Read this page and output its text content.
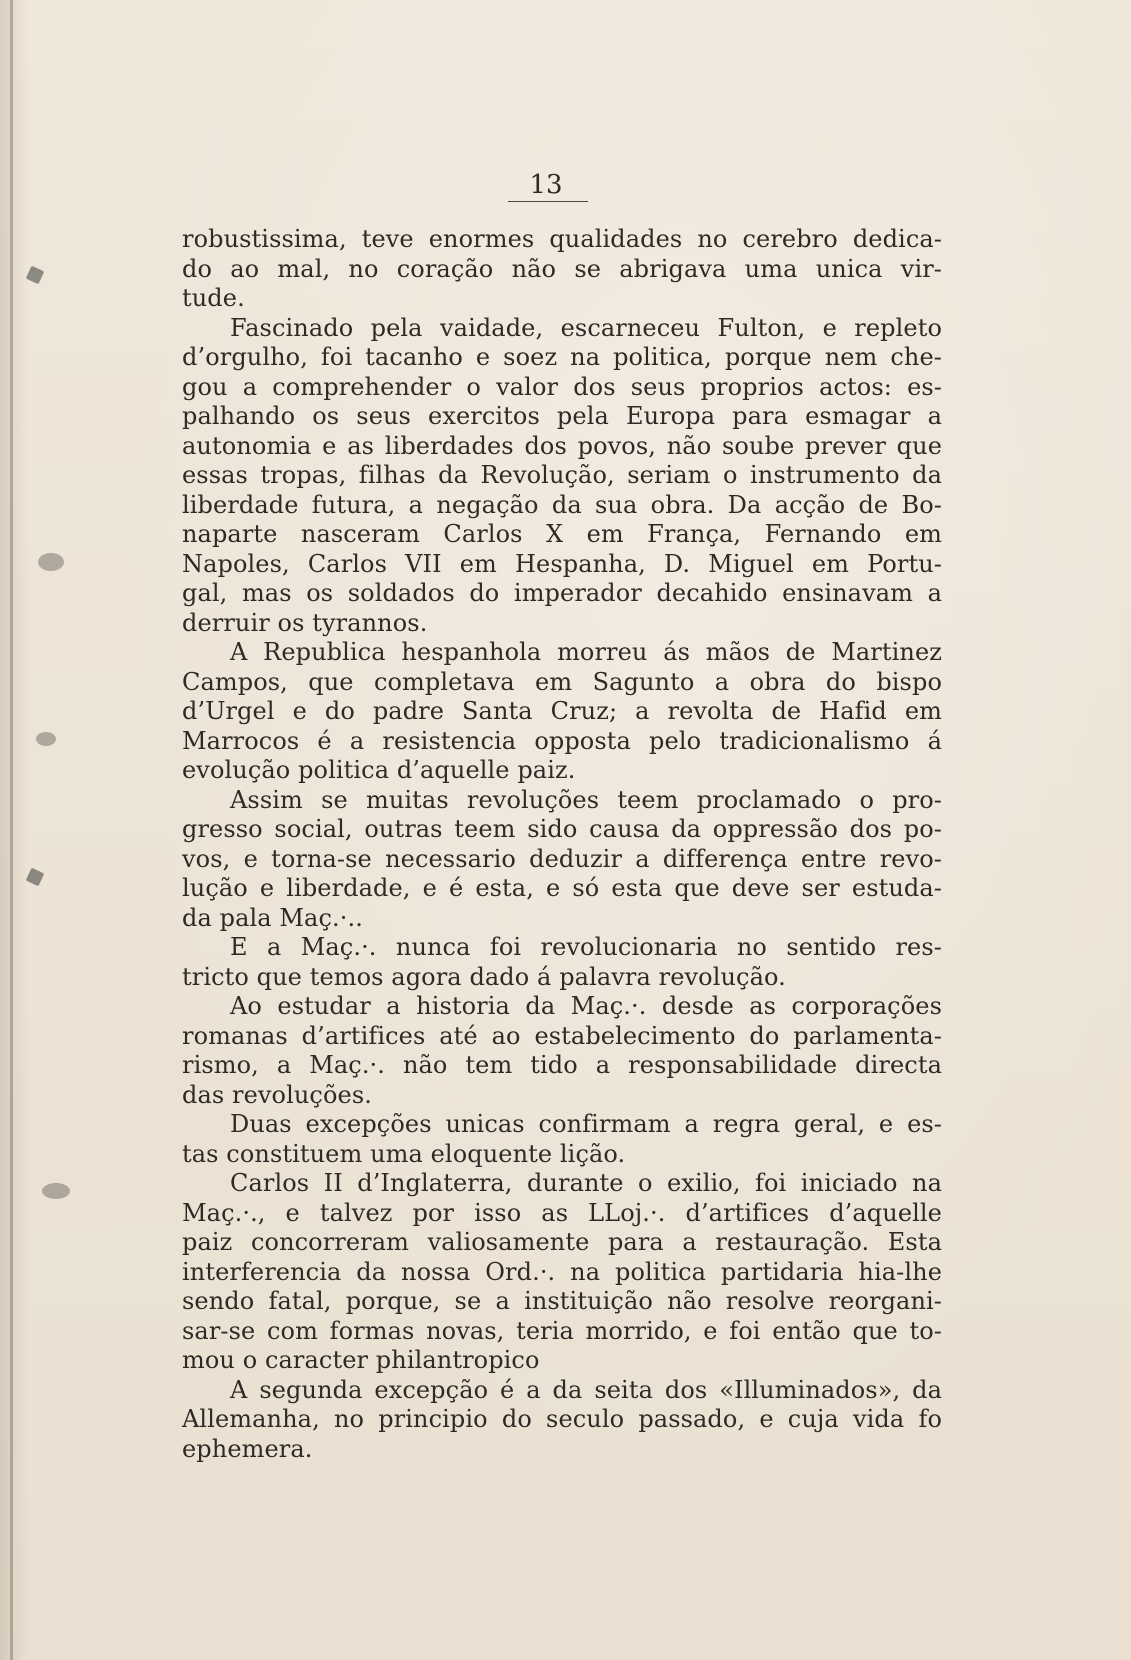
13
robustissima, teve enormes qualidades no cerebro dedica-
do ao mal, no coração não se abrigava uma unica vir-
tude.
Fascinado pela vaidade, escarneceu Fulton, e repleto
d’orgulho, foi tacanho e soez na politica, porque nem che-
gou a comprehender o valor dos seus proprios actos: es-
palhando os seus exercitos pela Europa para esmagar a
autonomia e as liberdades dos povos, não soube prever que
essas tropas, filhas da Revolução, seriam o instrumento da
liberdade futura, a negação da sua obra. Da acção de Bo-
naparte nasceram Carlos X em França, Fernando em
Napoles, Carlos VII em Hespanha, D. Miguel em Portu-
gal, mas os soldados do imperador decahido ensinavam a
derruir os tyrannos.
A Republica hespanhola morreu ás mãos de Martinez
Campos, que completava em Sagunto a obra do bispo
d’Urgel e do padre Santa Cruz; a revolta de Hafid em
Marrocos é a resistencia opposta pelo tradicionalismo á
evolução politica d’aquelle paiz.
Assim se muitas revoluções teem proclamado o pro-
gresso social, outras teem sido causa da oppressão dos po-
vos, e torna-se necessario deduzir a differença entre revo-
lução e liberdade, e é esta, e só esta que deve ser estuda-
da pala Maç.·..
E a Maç.·. nunca foi revolucionaria no sentido res-
tricto que temos agora dado á palavra revolução.
Ao estudar a historia da Maç.·. desde as corporações
romanas d’artifices até ao estabelecimento do parlamenta-
rismo, a Maç.·. não tem tido a responsabilidade directa
das revoluções.
Duas excepções unicas confirmam a regra geral, e es-
tas constituem uma eloquente lição.
Carlos II d’Inglaterra, durante o exilio, foi iniciado na
Maç.·., e talvez por isso as LLoj.·. d’artifices d’aquelle
paiz concorreram valiosamente para a restauração. Esta
interferencia da nossa Ord.·. na politica partidaria hia-lhe
sendo fatal, porque, se a instituição não resolve reorgani-
sar-se com formas novas, teria morrido, e foi então que to-
mou o caracter philantropico
A segunda excepção é a da seita dos «Illuminados», da
Allemanha, no principio do seculo passado, e cuja vida fo
ephemera.
